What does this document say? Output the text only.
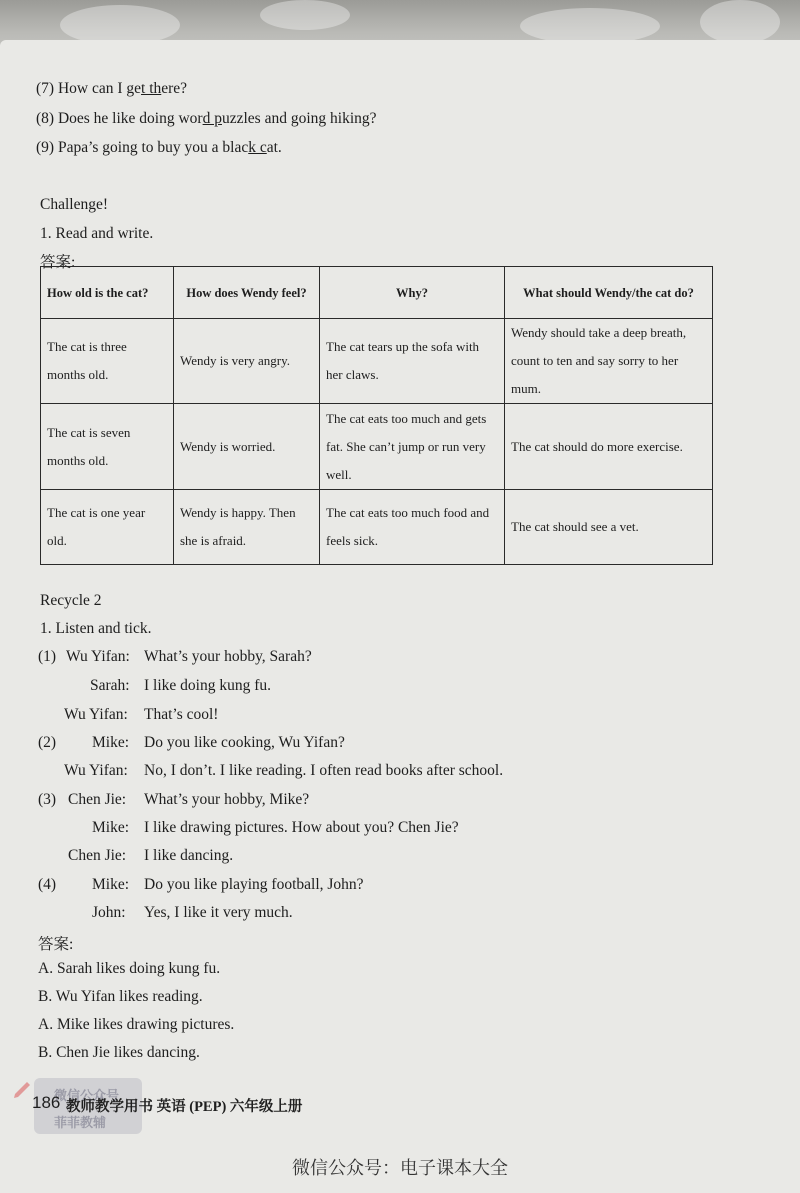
(7) How can I get there?
(8) Does he like doing word puzzles and going hiking?
(9) Papa’s going to buy you a black cat.
Challenge!
1. Read and write.
答案:
How old is the cat?	How does Wendy feel?	Why?	What should Wendy/the cat do?
The cat is three months old.	Wendy is very angry.	The cat tears up the sofa with her claws.	Wendy should take a deep breath, count to ten and say sorry to her mum.
The cat is seven months old.	Wendy is worried.	The cat eats too much and gets fat. She can’t jump or run very well.	The cat should do more exercise.
The cat is one year old.	Wendy is happy. Then she is afraid.	The cat eats too much food and feels sick.	The cat should see a vet.
Recycle 2
1. Listen and tick.
(1) Wu Yifan: What’s your hobby, Sarah?
Sarah: I like doing kung fu.
Wu Yifan: That’s cool!
(2) Mike: Do you like cooking, Wu Yifan?
Wu Yifan: No, I don’t. I like reading. I often read books after school.
(3) Chen Jie: What’s your hobby, Mike?
Mike: I like drawing pictures. How about you? Chen Jie?
Chen Jie: I like dancing.
(4) Mike: Do you like playing football, John?
John: Yes, I like it very much.
答案:
A. Sarah likes doing kung fu.
B. Wu Yifan likes reading.
A. Mike likes drawing pictures.
B. Chen Jie likes dancing.
微信公众号
菲菲教辅
186 教师教学用书 英语 (PEP) 六年级上册
微信公众号：电子课本大全
